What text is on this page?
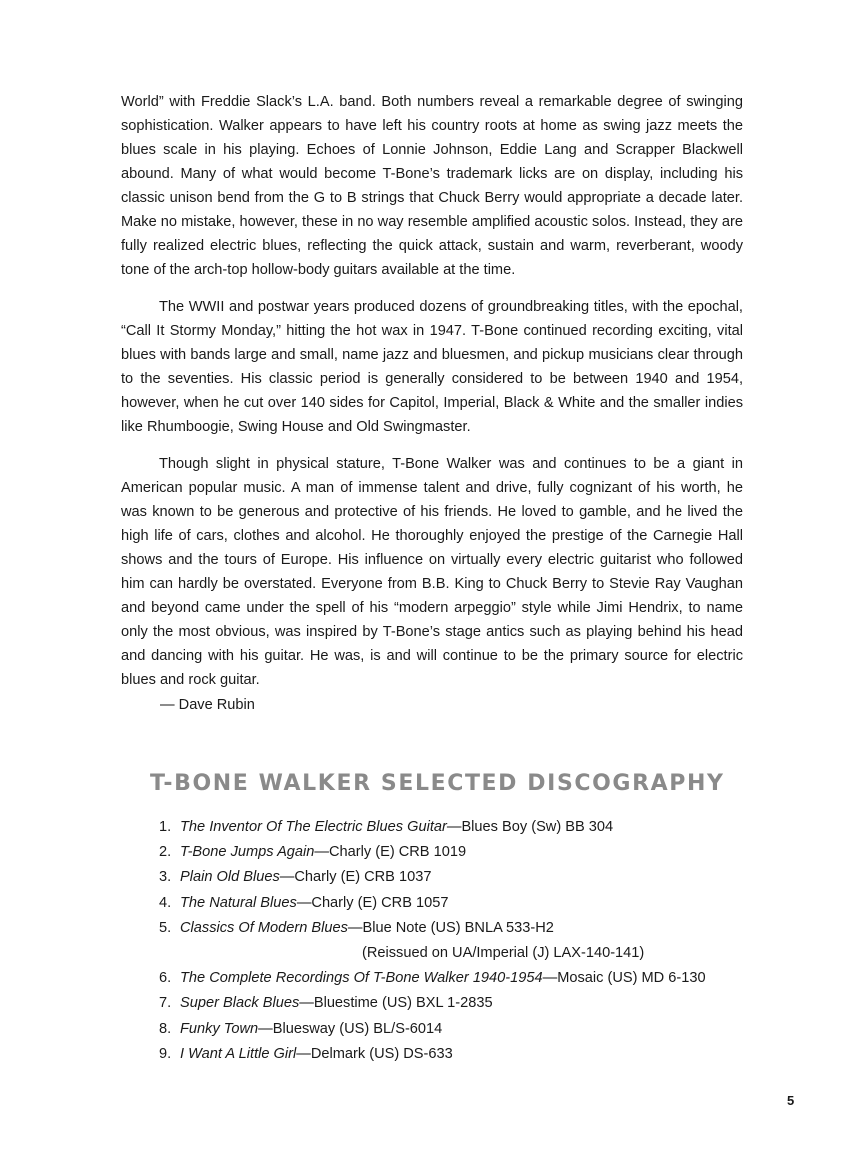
World” with Freddie Slack’s L.A. band. Both numbers reveal a remarkable degree of swinging sophistication. Walker appears to have left his country roots at home as swing jazz meets the blues scale in his playing. Echoes of Lonnie Johnson, Eddie Lang and Scrapper Blackwell abound. Many of what would become T-Bone’s trademark licks are on display, including his classic unison bend from the G to B strings that Chuck Berry would appropriate a decade later. Make no mistake, however, these in no way resemble amplified acoustic solos. Instead, they are fully realized electric blues, reflecting the quick attack, sustain and warm, reverberant, woody tone of the arch-top hollow-body guitars available at the time.

The WWII and postwar years produced dozens of groundbreaking titles, with the epochal, “Call It Stormy Monday,” hitting the hot wax in 1947. T-Bone continued recording exciting, vital blues with bands large and small, name jazz and bluesmen, and pickup musicians clear through to the seventies. His classic period is generally considered to be between 1940 and 1954, however, when he cut over 140 sides for Capitol, Imperial, Black & White and the smaller indies like Rhumboogie, Swing House and Old Swingmaster.

Though slight in physical stature, T-Bone Walker was and continues to be a giant in American popular music. A man of immense talent and drive, fully cognizant of his worth, he was known to be generous and protective of his friends. He loved to gamble, and he lived the high life of cars, clothes and alcohol. He thoroughly enjoyed the prestige of the Carnegie Hall shows and the tours of Europe. His influence on virtually every electric guitarist who followed him can hardly be overstated. Everyone from B.B. King to Chuck Berry to Stevie Ray Vaughan and beyond came under the spell of his “modern arpeggio” style while Jimi Hendrix, to name only the most obvious, was inspired by T-Bone’s stage antics such as playing behind his head and dancing with his guitar. He was, is and will continue to be the primary source for electric blues and rock guitar.

— Dave Rubin
T-BONE WALKER SELECTED DISCOGRAPHY
1. The Inventor Of The Electric Blues Guitar—Blues Boy (Sw) BB 304
2. T-Bone Jumps Again—Charly (E) CRB 1019
3. Plain Old Blues—Charly (E) CRB 1037
4. The Natural Blues—Charly (E) CRB 1057
5. Classics Of Modern Blues—Blue Note (US) BNLA 533-H2
(Reissued on UA/Imperial (J) LAX-140-141)
6. The Complete Recordings Of T-Bone Walker 1940-1954—Mosaic (US) MD 6-130
7. Super Black Blues—Bluestime (US) BXL 1-2835
8. Funky Town—Bluesway (US) BL/S-6014
9. I Want A Little Girl—Delmark (US) DS-633
5
